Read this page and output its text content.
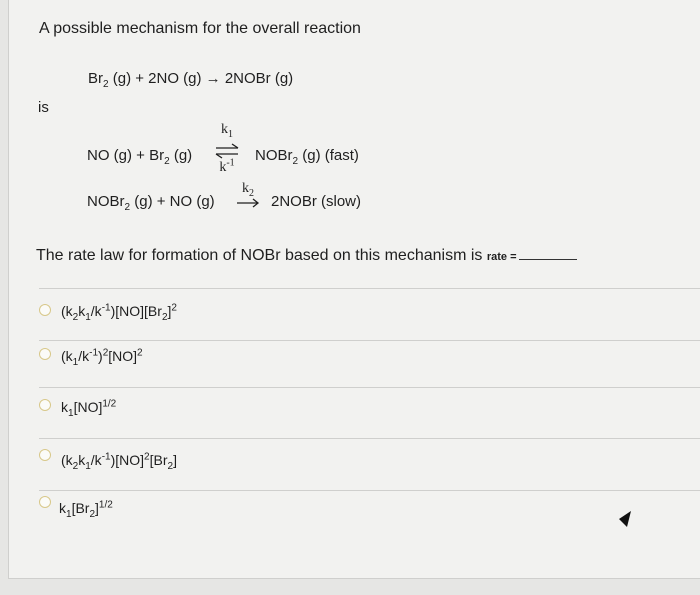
A possible mechanism for the overall reaction
$Br_2$ (g) + 2NO (g) → 2NOBr (g)
is
NO $(g) + Br_2$ (g)
$k_1$
$k^{-1}$	NOBr$_2$ (g) (fast)
NOBr$_2$ (g) + NO (g)
$k_2$ → 2NOBr (slow)
The rate law for formation of NOBr based on this mechanism is rate =
$(k_2k_1/k^{-1})[NO][Br_2]^2$
$(k_1/k^{-1})^2[NO]^2$
$k_1[NO]^{1/2}$
$(k_2k_1/k^{-1})[NO]^2[Br_2]$
$k_1[Br_2]^{1/2}$
